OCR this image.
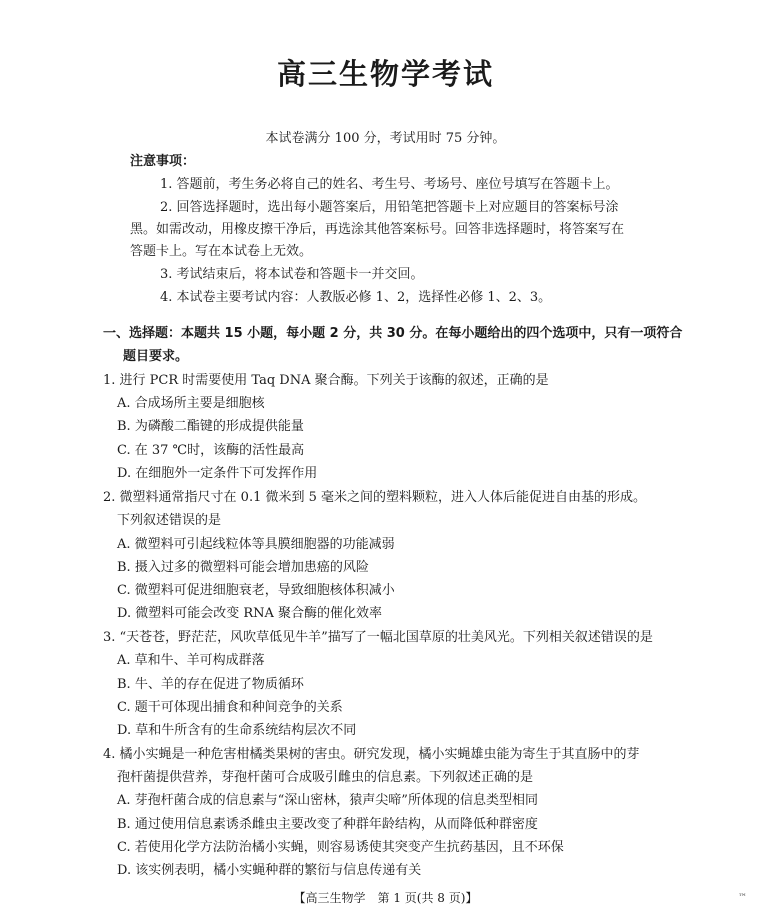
高三生物学考试
本试卷满分 100 分，考试用时 75 分钟。
注意事项：
1. 答题前，考生务必将自己的姓名、考生号、考场号、座位号填写在答题卡上。
2. 回答选择题时，选出每小题答案后，用铅笔把答题卡上对应题目的答案标号涂
黑。如需改动，用橡皮擦干净后，再选涂其他答案标号。回答非选择题时，将答案写在
答题卡上。写在本试卷上无效。
3. 考试结束后，将本试卷和答题卡一并交回。
4. 本试卷主要考试内容：人教版必修 1、2，选择性必修 1、2、3。
一、选择题：本题共 15 小题，每小题 2 分，共 30 分。在每小题给出的四个选项中，只有一项符合
题目要求。
1. 进行 PCR 时需要使用 Taq DNA 聚合酶。下列关于该酶的叙述，正确的是
A. 合成场所主要是细胞核
B. 为磷酸二酯键的形成提供能量
C. 在 37 ℃时，该酶的活性最高
D. 在细胞外一定条件下可发挥作用
2. 微塑料通常指尺寸在 0.1 微米到 5 毫米之间的塑料颗粒，进入人体后能促进自由基的形成。
下列叙述错误的是
A. 微塑料可引起线粒体等具膜细胞器的功能减弱
B. 摄入过多的微塑料可能会增加患癌的风险
C. 微塑料可促进细胞衰老，导致细胞核体积减小
D. 微塑料可能会改变 RNA 聚合酶的催化效率
3. “天苍苍，野茫茫，风吹草低见牛羊”描写了一幅北国草原的壮美风光。下列相关叙述错误的是
A. 草和牛、羊可构成群落
B. 牛、羊的存在促进了物质循环
C. 题干可体现出捕食和种间竞争的关系
D. 草和牛所含有的生命系统结构层次不同
4. 橘小实蝇是一种危害柑橘类果树的害虫。研究发现，橘小实蝇雄虫能为寄生于其直肠中的芽
孢杆菌提供营养，芽孢杆菌可合成吸引雌虫的信息素。下列叙述正确的是
A. 芽孢杆菌合成的信息素与“深山密林，猿声尖啼”所体现的信息类型相同
B. 通过使用信息素诱杀雌虫主要改变了种群年龄结构，从而降低种群密度
C. 若使用化学方法防治橘小实蝇，则容易诱使其突变产生抗药基因，且不环保
D. 该实例表明，橘小实蝇种群的繁衍与信息传递有关
【高三生物学　第 1 页(共 8 页)】	™
